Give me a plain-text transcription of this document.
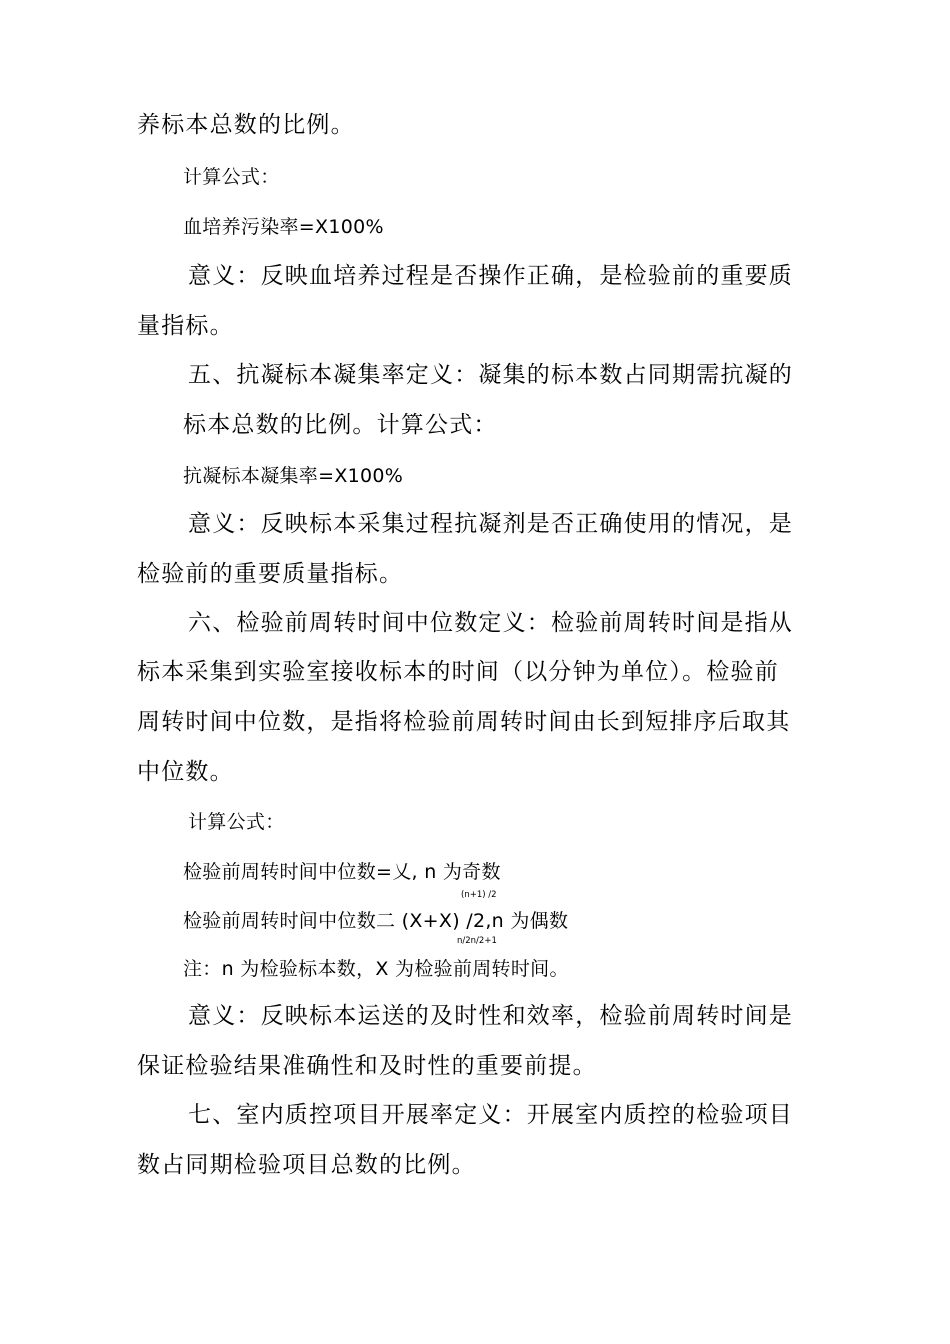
养标本总数的比例。
计算公式：
血培养污染率=X100%
意义：反映血培养过程是否操作正确，是检验前的重要质
量指标。
五、抗凝标本凝集率定义：凝集的标本数占同期需抗凝的
标本总数的比例。计算公式：
抗凝标本凝集率=X100%
意义：反映标本采集过程抗凝剂是否正确使用的情况，是
检验前的重要质量指标。
六、检验前周转时间中位数定义：检验前周转时间是指从
标本采集到实验室接收标本的时间（以分钟为单位）。检验前
周转时间中位数，是指将检验前周转时间由长到短排序后取其
中位数。
计算公式：
检验前周转时间中位数=乂, n 为奇数
(n+1) /2
检验前周转时间中位数二 (X+X) /2,n 为偶数
n/2n/2+1
注：n 为检验标本数，X 为检验前周转时间。
意义：反映标本运送的及时性和效率，检验前周转时间是
保证检验结果准确性和及时性的重要前提。
七、室内质控项目开展率定义：开展室内质控的检验项目
数占同期检验项目总数的比例。
